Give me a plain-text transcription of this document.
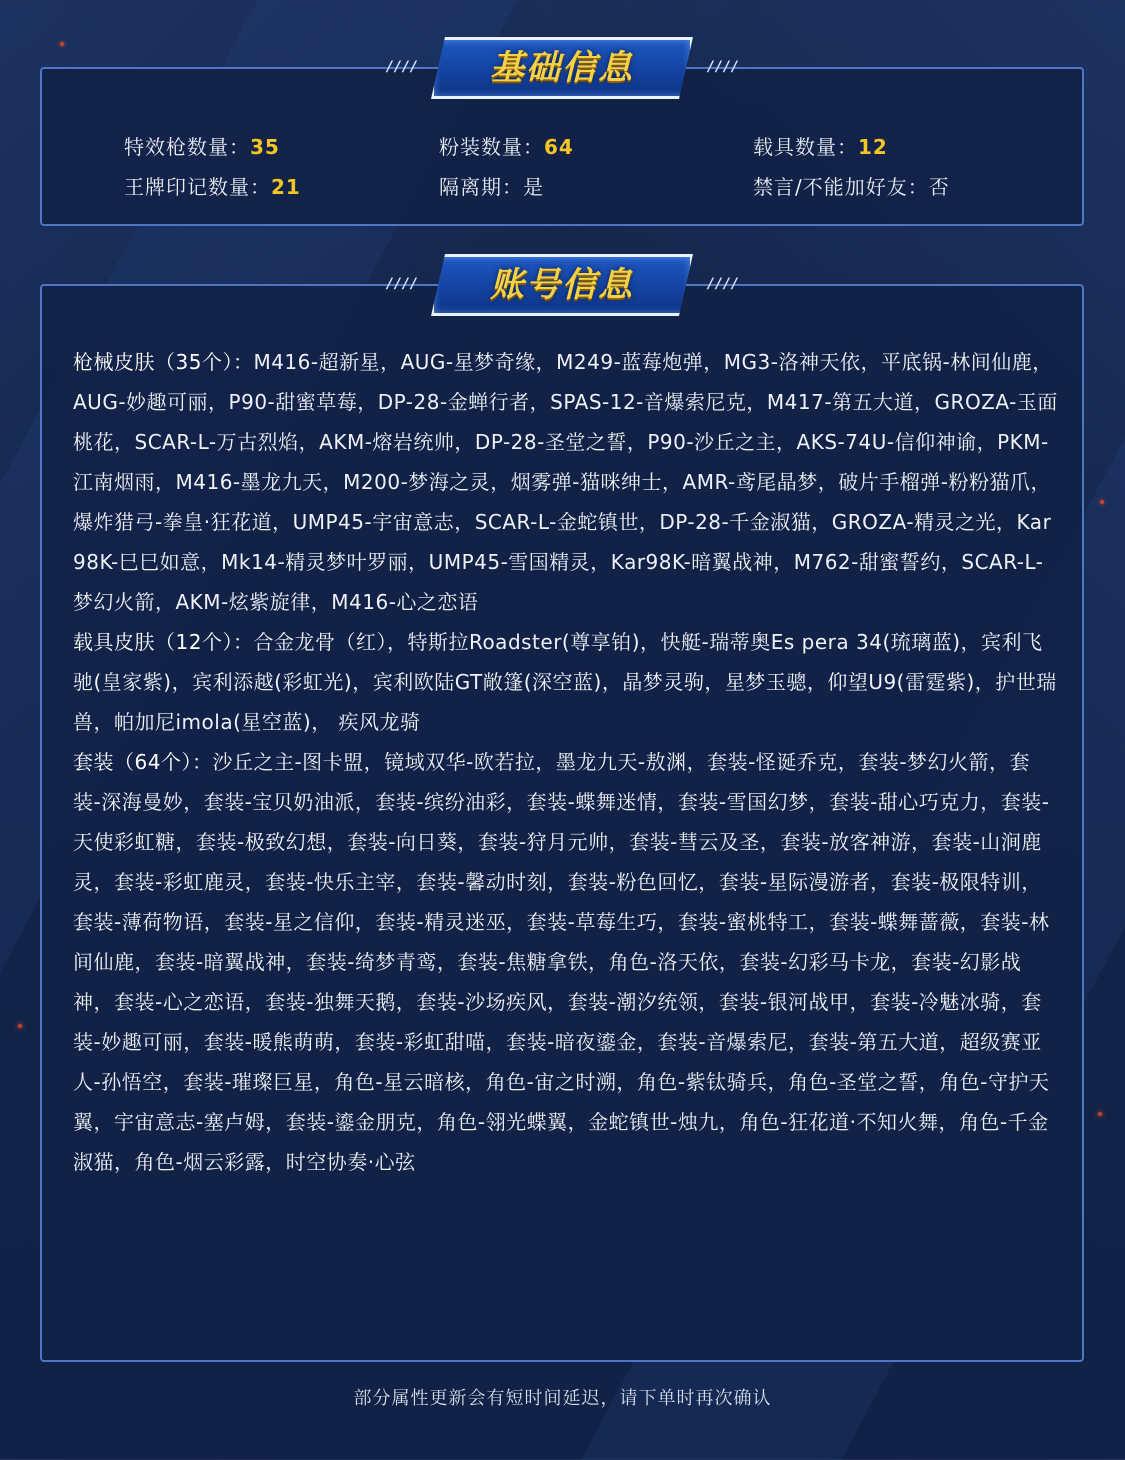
/ / / /	基础信息	/ / / /
特效枪数量：35	粉装数量：64	载具数量：12
王牌印记数量：21	隔离期：是	禁言/不能加好友：否
/ / / /	账号信息	/ / / /

枪械皮肤（35个）：M416-超新星，AUG-星梦奇缘，M249-蓝莓炮弹，MG3-洛神天依，平底锅-林间仙鹿，AUG-妙趣可丽，P90-甜蜜草莓，DP-28-金蝉行者，SPAS-12-音爆索尼克，M417-第五大道，GROZA-玉面桃花，SCAR-L-万古烈焰，AKM-熔岩统帅，DP-28-圣堂之誓，P90-沙丘之主，AKS-74U-信仰神谕，PKM-江南烟雨，M416-墨龙九天，M200-梦海之灵，烟雾弹-猫咪绅士，AMR-鸢尾晶梦，破片手榴弹-粉粉猫爪，爆炸猎弓-拳皇·狂花道，UMP45-宇宙意志，SCAR-L-金蛇镇世，DP-28-千金淑猫，GROZA-精灵之光，Kar98K-巳巳如意，Mk14-精灵梦叶罗丽，UMP45-雪国精灵，Kar98K-暗翼战神，M762-甜蜜誓约，SCAR-L-梦幻火箭，AKM-炫紫旋律，M416-心之恋语

载具皮肤（12个）：合金龙骨（红），特斯拉Roadster(尊享铂)，快艇-瑞蒂奥Es pera 34(琉璃蓝)，宾利飞驰(皇家紫)，宾利添越(彩虹光)，宾利欧陆GT敞篷(深空蓝)，晶梦灵驹，星梦玉骢，仰望U9(雷霆紫)，护世瑞兽，帕加尼imola(星空蓝)， 疾风龙骑

套装（64个）：沙丘之主-图卡盟，镜域双华-欧若拉，墨龙九天-敖渊，套装-怪诞乔克，套装-梦幻火箭，套装-深海曼妙，套装-宝贝奶油派，套装-缤纷油彩，套装-蝶舞迷情，套装-雪国幻梦，套装-甜心巧克力，套装-天使彩虹糖，套装-极致幻想，套装-向日葵，套装-狩月元帅，套装-彗云及圣，套装-放客神游，套装-山涧鹿灵，套装-彩虹鹿灵，套装-快乐主宰，套装-馨动时刻，套装-粉色回忆，套装-星际漫游者，套装-极限特训，套装-薄荷物语，套装-星之信仰，套装-精灵迷巫，套装-草莓生巧，套装-蜜桃特工，套装-蝶舞蔷薇，套装-林间仙鹿，套装-暗翼战神，套装-绮梦青鸾，套装-焦糖拿铁，角色-洛天依，套装-幻彩马卡龙，套装-幻影战神，套装-心之恋语，套装-独舞天鹅，套装-沙场疾风，套装-潮汐统领，套装-银河战甲，套装-冷魅冰骑，套装-妙趣可丽，套装-暖熊萌萌，套装-彩虹甜喵，套装-暗夜鎏金，套装-音爆索尼，套装-第五大道，超级赛亚人-孙悟空，套装-璀璨巨星，角色-星云暗核，角色-宙之时溯，角色-紫钛骑兵，角色-圣堂之誓，角色-守护天翼，宇宙意志-塞卢姆，套装-鎏金朋克，角色-翎光蝶翼，金蛇镇世-烛九，角色-狂花道·不知火舞，角色-千金淑猫，角色-烟云彩露，时空协奏·心弦

部分属性更新会有短时间延迟，请下单时再次确认
